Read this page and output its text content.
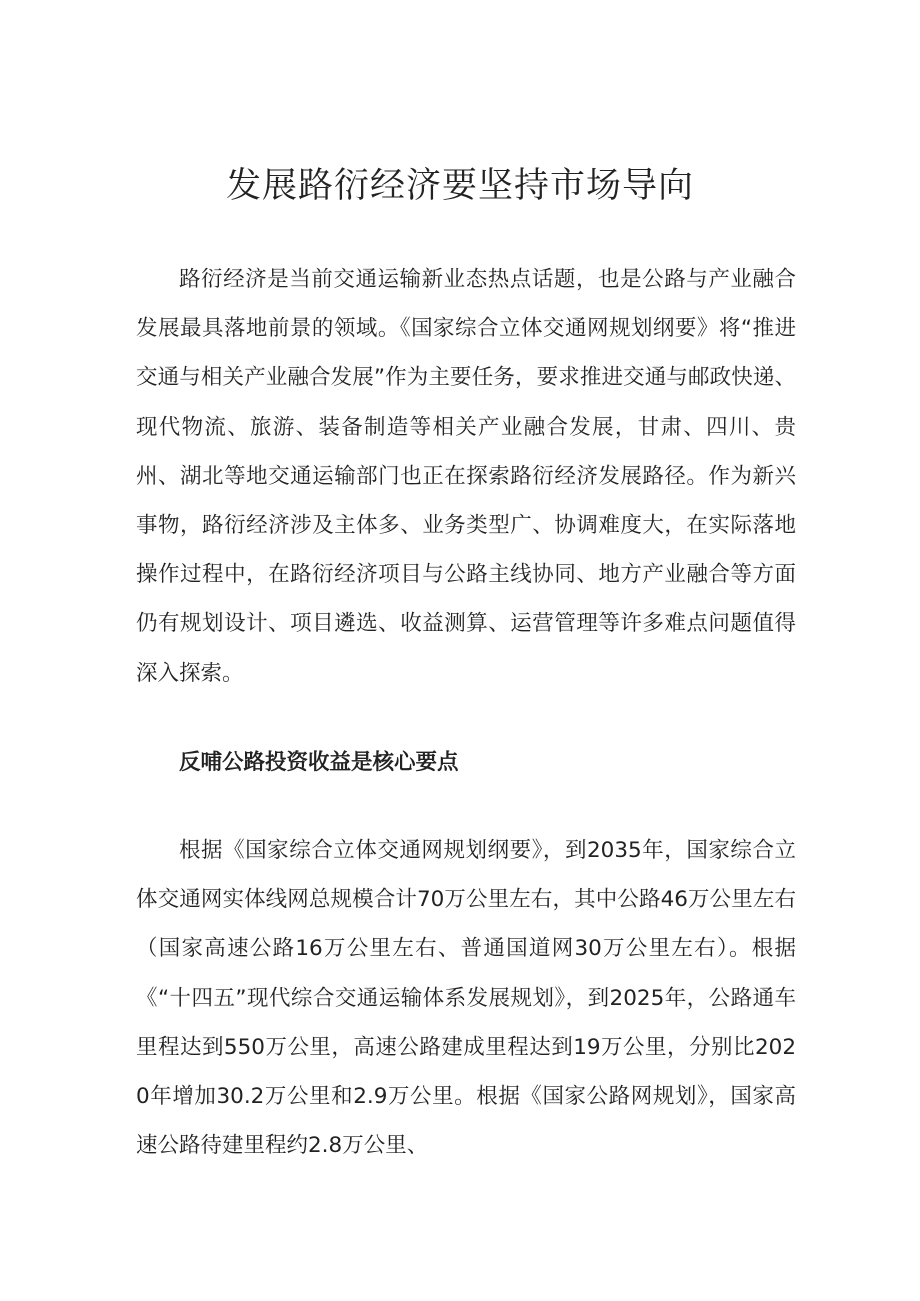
发展路衍经济要坚持市场导向

路衍经济是当前交通运输新业态热点话题，也是公路与产业融合发展最具落地前景的领域。《国家综合立体交通网规划纲要》将“推进交通与相关产业融合发展”作为主要任务，要求推进交通与邮政快递、现代物流、旅游、装备制造等相关产业融合发展，甘肃、四川、贵州、湖北等地交通运输部门也正在探索路衍经济发展路径。作为新兴事物，路衍经济涉及主体多、业务类型广、协调难度大，在实际落地操作过程中，在路衍经济项目与公路主线协同、地方产业融合等方面仍有规划设计、项目遴选、收益测算、运营管理等许多难点问题值得深入探索。

反哺公路投资收益是核心要点

根据《国家综合立体交通网规划纲要》，到2035年，国家综合立体交通网实体线网总规模合计70万公里左右，其中公路46万公里左右（国家高速公路16万公里左右、普通国道网30万公里左右）。根据《“十四五”现代综合交通运输体系发展规划》，到2025年，公路通车里程达到550万公里，高速公路建成里程达到19万公里，分别比2020年增加30.2万公里和2.9万公里。根据《国家公路网规划》，国家高速公路待建里程约2.8万公里、
